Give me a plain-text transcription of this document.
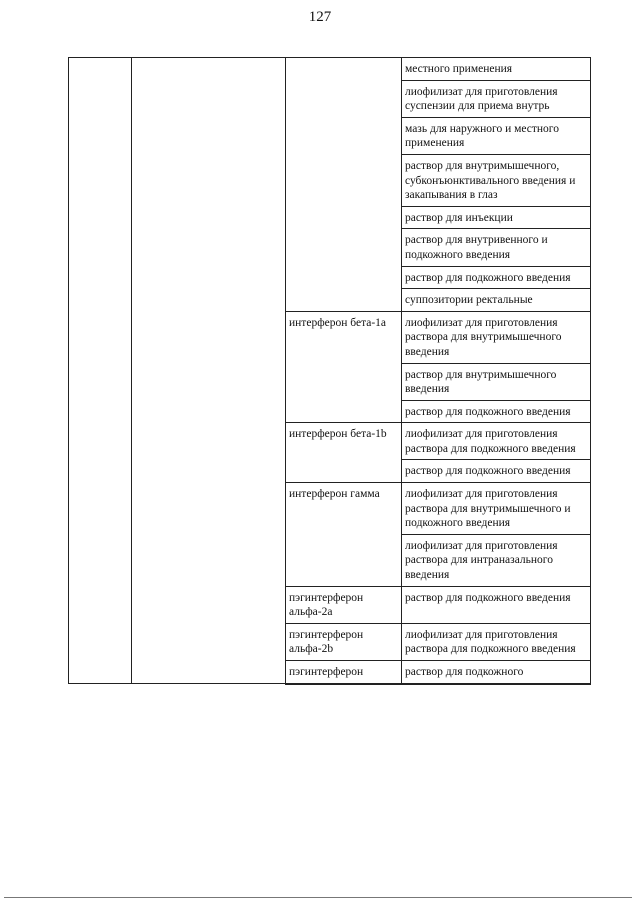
127
			местного применения
			лиофилизат для приготовления суспензии для приема внутрь
			мазь для наружного и местного применения
			раствор для внутримышечного, субконъюнктивального введения и закапывания в глаз
			раствор для инъекции
			раствор для внутривенного и подкожного введения
			раствор для подкожного введения
			суппозитории ректальные
		интерферон бета-1a	лиофилизат для приготовления раствора для внутримышечного введения
			раствор для внутримышечного введения
			раствор для подкожного введения
		интерферон бета-1b	лиофилизат для приготовления раствора для подкожного введения
			раствор для подкожного введения
		интерферон гамма	лиофилизат для приготовления раствора для внутримышечного и подкожного введения
			лиофилизат для приготовления раствора для интраназального введения
		пэгинтерферон альфа-2a	раствор для подкожного введения
		пэгинтерферон альфа-2b	лиофилизат для приготовления раствора для подкожного введения
		пэгинтерферон	раствор для подкожного
